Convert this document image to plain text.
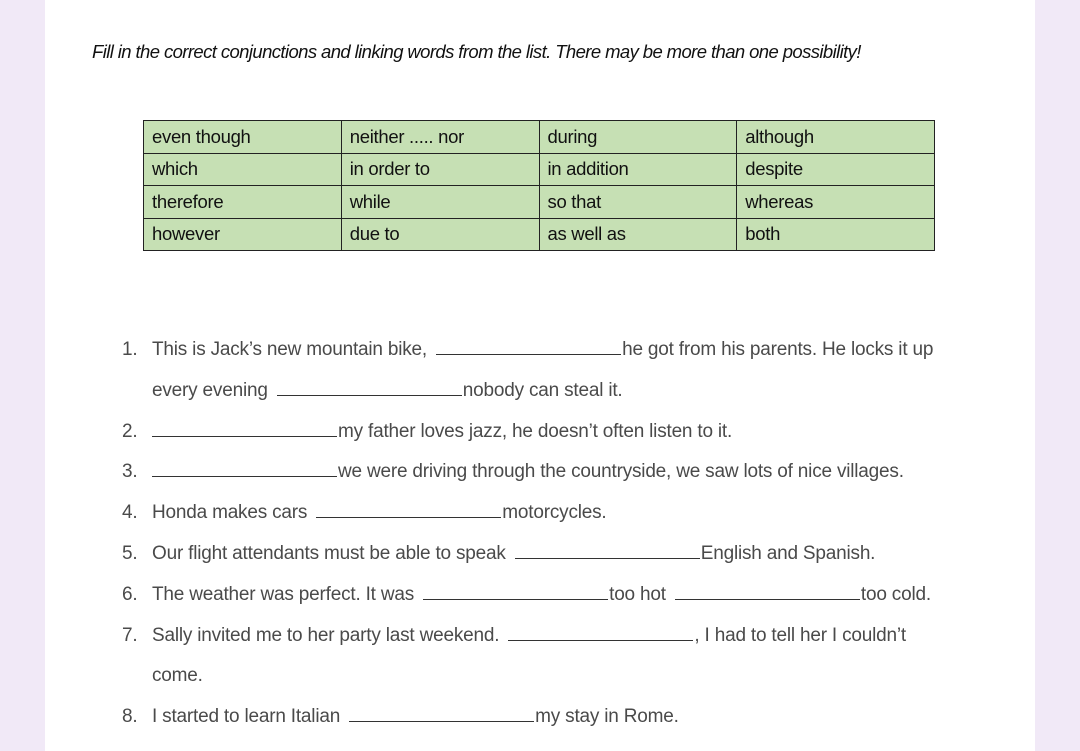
Fill in the correct conjunctions and linking words from the list. There may be more than one possibility!
even though	neither ..... nor	during	although
which	in order to	in addition	despite
therefore	while	so that	whereas
however	due to	as well as	both
1. This is Jack’s new mountain bike,	he got from his parents. He locks it up
every evening	nobody can steal it.
2.	my father loves jazz, he doesn’t often listen to it.
3.	we were driving through the countryside, we saw lots of nice villages.
4. Honda makes cars	motorcycles.
5. Our flight attendants must be able to speak	English and Spanish.
6. The weather was perfect. It was	too hot	too cold.
7. Sally invited me to her party last weekend.	, I had to tell her I couldn’t
come.
8. I started to learn Italian	my stay in Rome.
